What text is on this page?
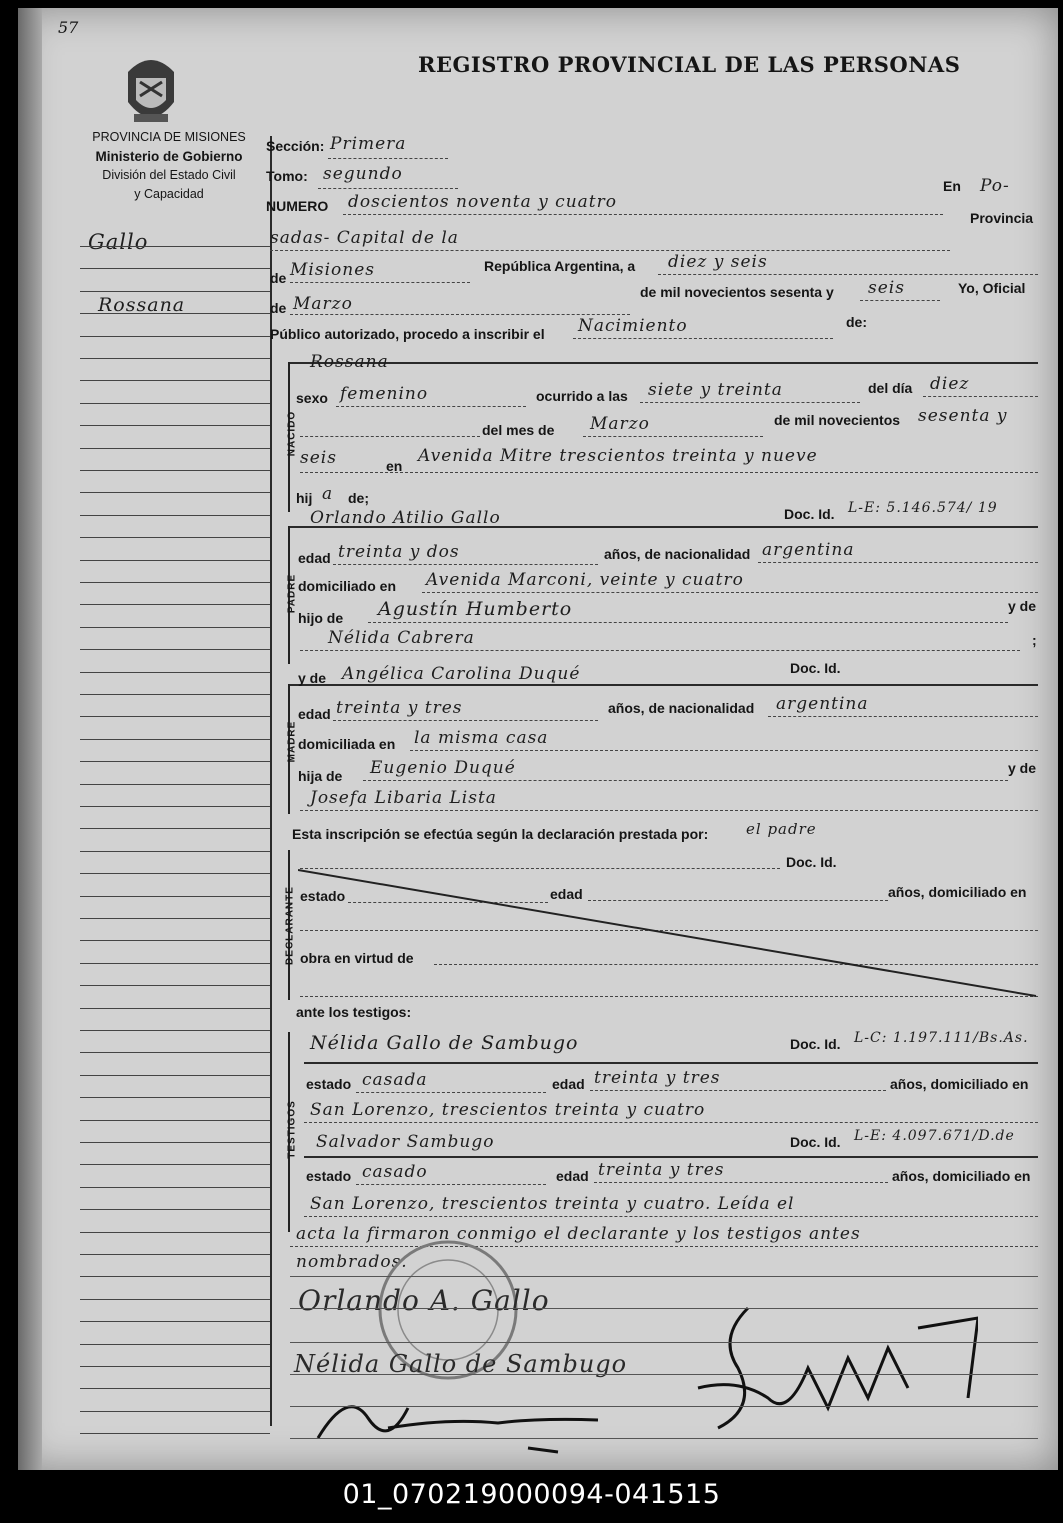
57
REGISTRO PROVINCIAL DE LAS PERSONAS
PROVINCIA DE MISIONES
Ministerio de Gobierno
División del Estado Civil
y Capacidad
Gallo
Rossana
Sección: Primera
Tomo: segundo
NUMERO doscientos noventa y cuatro
En Po-
Provincia
sadas- Capital de la
de Misiones	República Argentina, a diez y seis
de Marzo
de mil novecientos sesenta y seis	Yo, Oficial
Público autorizado, procedo a inscribir el Nacimiento	de:
NACIDO
Rossana
sexo femenino	ocurrido a las siete y treinta	del día diez
del mes de Marzo	de mil novecientos sesenta y
seis	en Avenida Mitre trescientos treinta y nueve
hij a de;
PADRE
Orlando Atilio Gallo	Doc. Id. L-E: 5.146.574/ 19
edad treinta y dos	años, de nacionalidad argentina
domiciliado en Avenida Marconi, veinte y cuatro
hijo de Agustín Humberto	y de
Nélida Cabrera	;
MADRE
y de Angélica Carolina Duqué	Doc. Id.
edad treinta y tres	años, de nacionalidad argentina
domiciliada en la misma casa
hija de Eugenio Duqué	y de
Josefa Libaria Lista
Esta inscripción se efectúa según la declaración prestada por:	el padre
DECLARANTE
Doc. Id.
estado	edad	años, domiciliado en
obra en virtud de
ante los testigos:
TESTIGOS
Nélida Gallo de Sambugo	Doc. Id. L-C: 1.197.111/Bs.As.
estado casada	edad treinta y tres	años, domiciliado en
San Lorenzo, trescientos treinta y cuatro
Salvador Sambugo	Doc. Id. L-E: 4.097.671/D.de
estado casado	edad treinta y tres	años, domiciliado en
San Lorenzo, trescientos treinta y cuatro. Leída el
acta la firmaron conmigo el declarante y los testigos antes
nombrados.
Orlando A. Gallo
Nélida Gallo de Sambugo
01_070219000094-041515
